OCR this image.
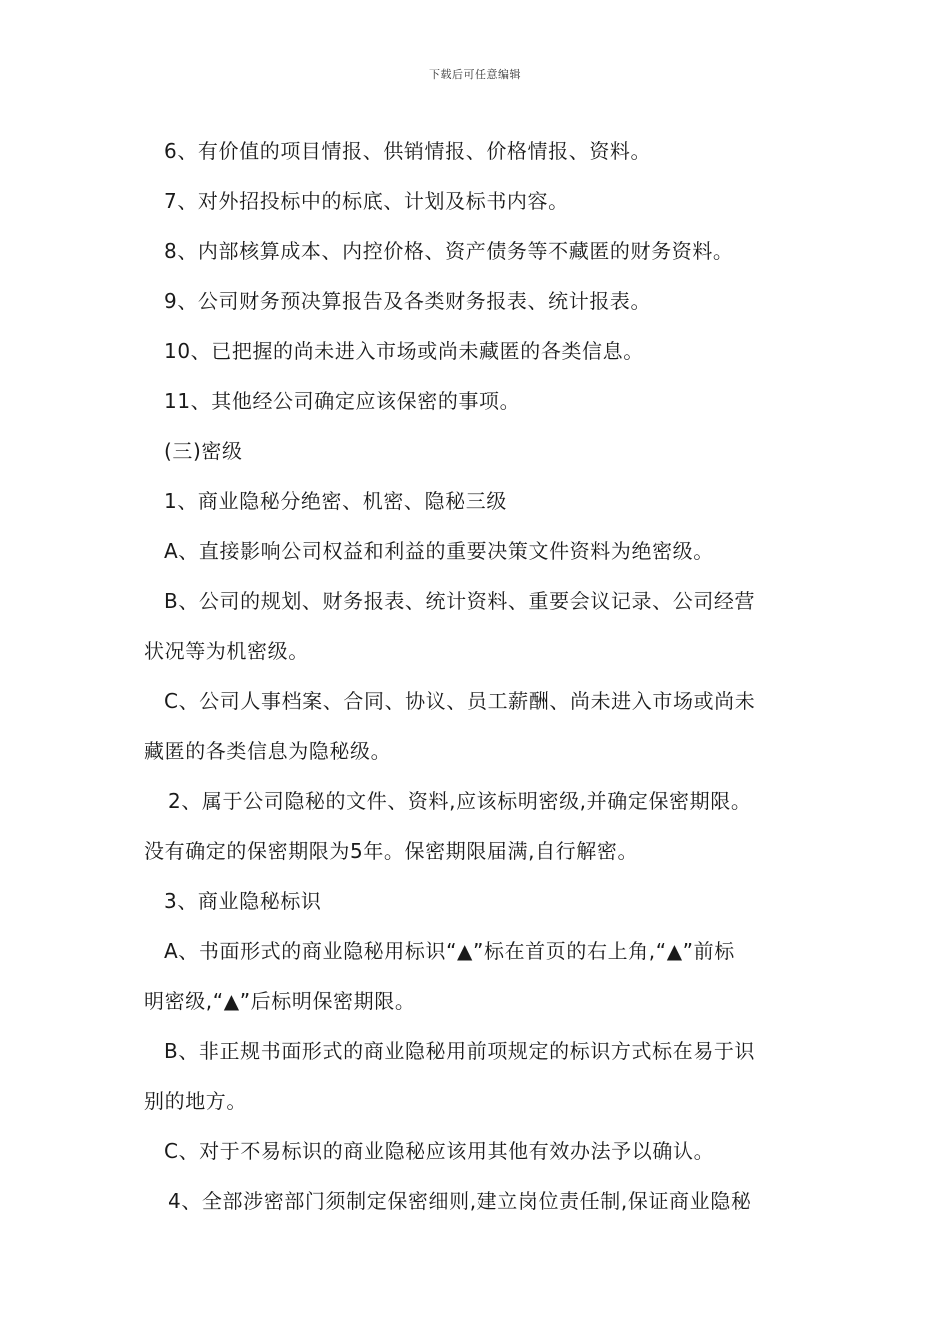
下载后可任意编辑

6、有价值的项目情报、供销情报、价格情报、资料。

7、对外招投标中的标底、计划及标书内容。

8、内部核算成本、内控价格、资产债务等不藏匿的财务资料。

9、公司财务预决算报告及各类财务报表、统计报表。

10、已把握的尚未进入市场或尚未藏匿的各类信息。

11、其他经公司确定应该保密的事项。

(三)密级

1、商业隐秘分绝密、机密、隐秘三级

A、直接影响公司权益和利益的重要决策文件资料为绝密级。

B、公司的规划、财务报表、统计资料、重要会议记录、公司经营

状况等为机密级。

C、公司人事档案、合同、协议、员工薪酬、尚未进入市场或尚未

藏匿的各类信息为隐秘级。

2、属于公司隐秘的文件、资料,应该标明密级,并确定保密期限。

没有确定的保密期限为5年。保密期限届满,自行解密。

3、商业隐秘标识

A、书面形式的商业隐秘用标识“▲”标在首页的右上角,“▲”前标

明密级,“▲”后标明保密期限。

B、非正规书面形式的商业隐秘用前项规定的标识方式标在易于识

别的地方。

C、对于不易标识的商业隐秘应该用其他有效办法予以确认。

4、全部涉密部门须制定保密细则,建立岗位责任制,保证商业隐秘
